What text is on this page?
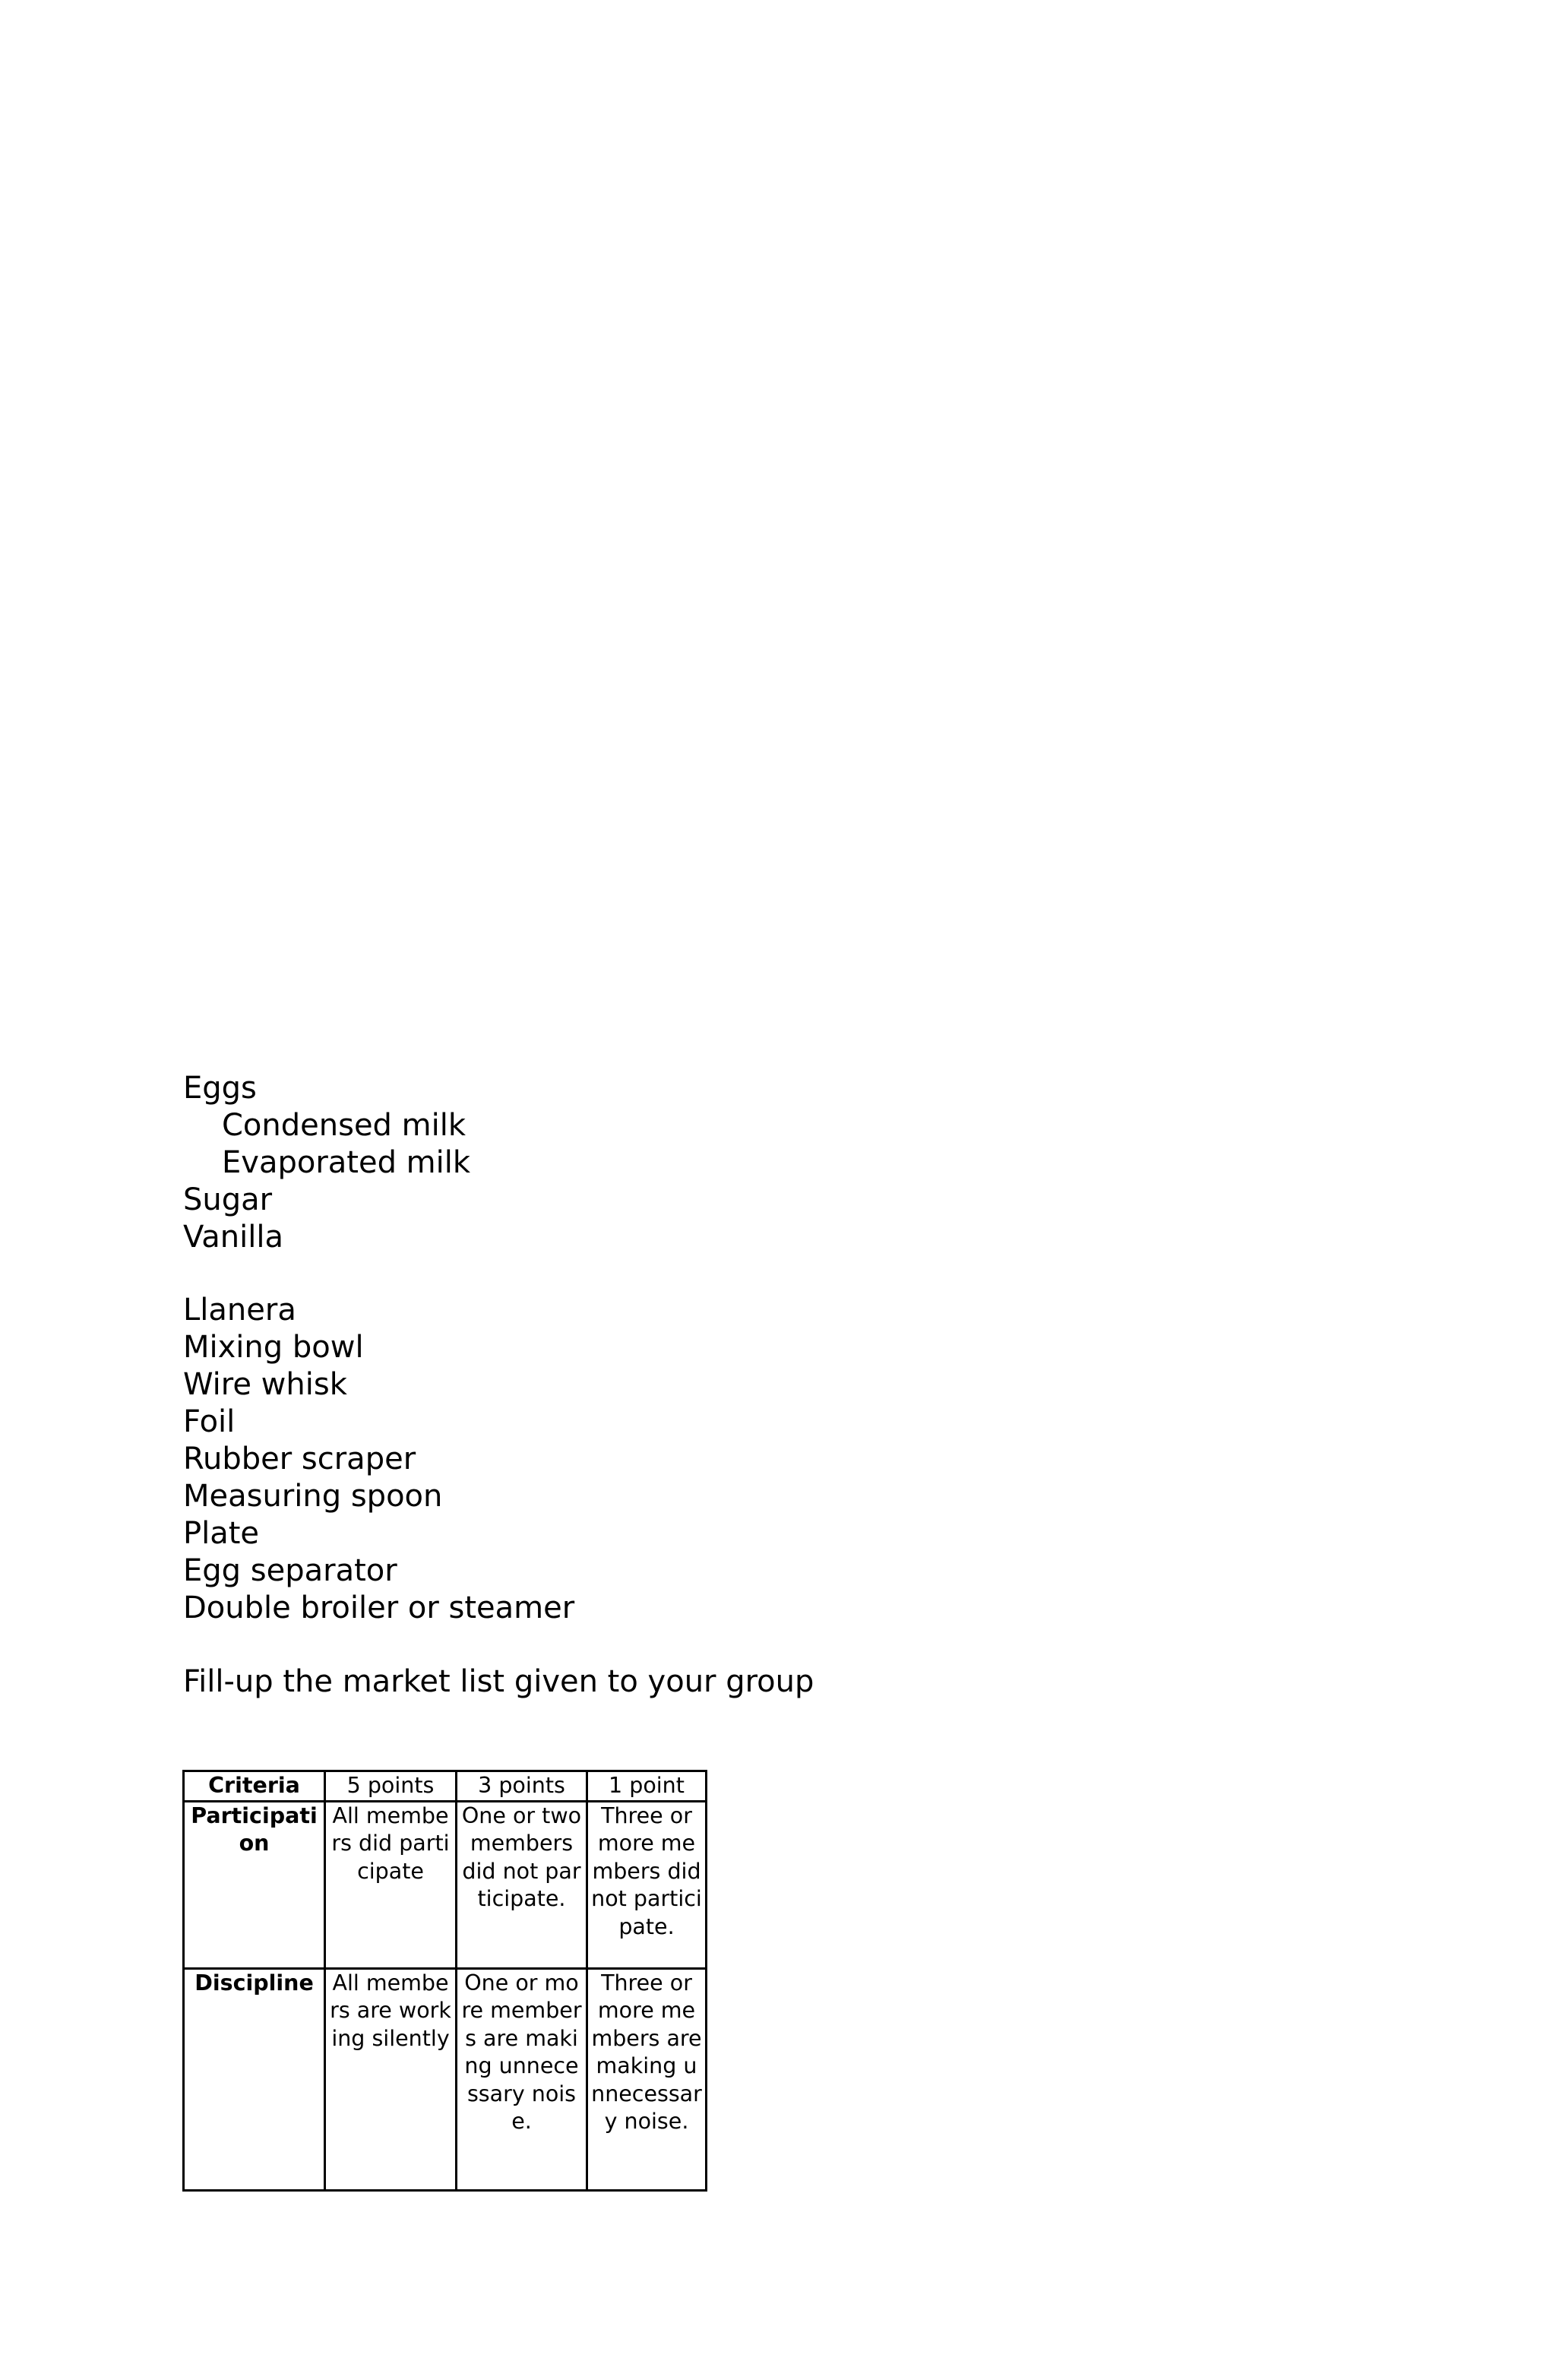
Eggs
Condensed milk
Evaporated milk
Sugar
Vanilla
Llanera
Mixing bowl
Wire whisk
Foil
Rubber scraper
Measuring spoon
Plate
Egg separator
Double broiler or steamer
Fill-up the market list given to your group
Criteria	5 points	3 points	1 point
Participation	All members did participate	One or two members did not participate.	Three or more members did not participate.
Discipline	All members are working silently	One or more members are making unnecessary noise.	Three or more members are making unnecessary noise.
